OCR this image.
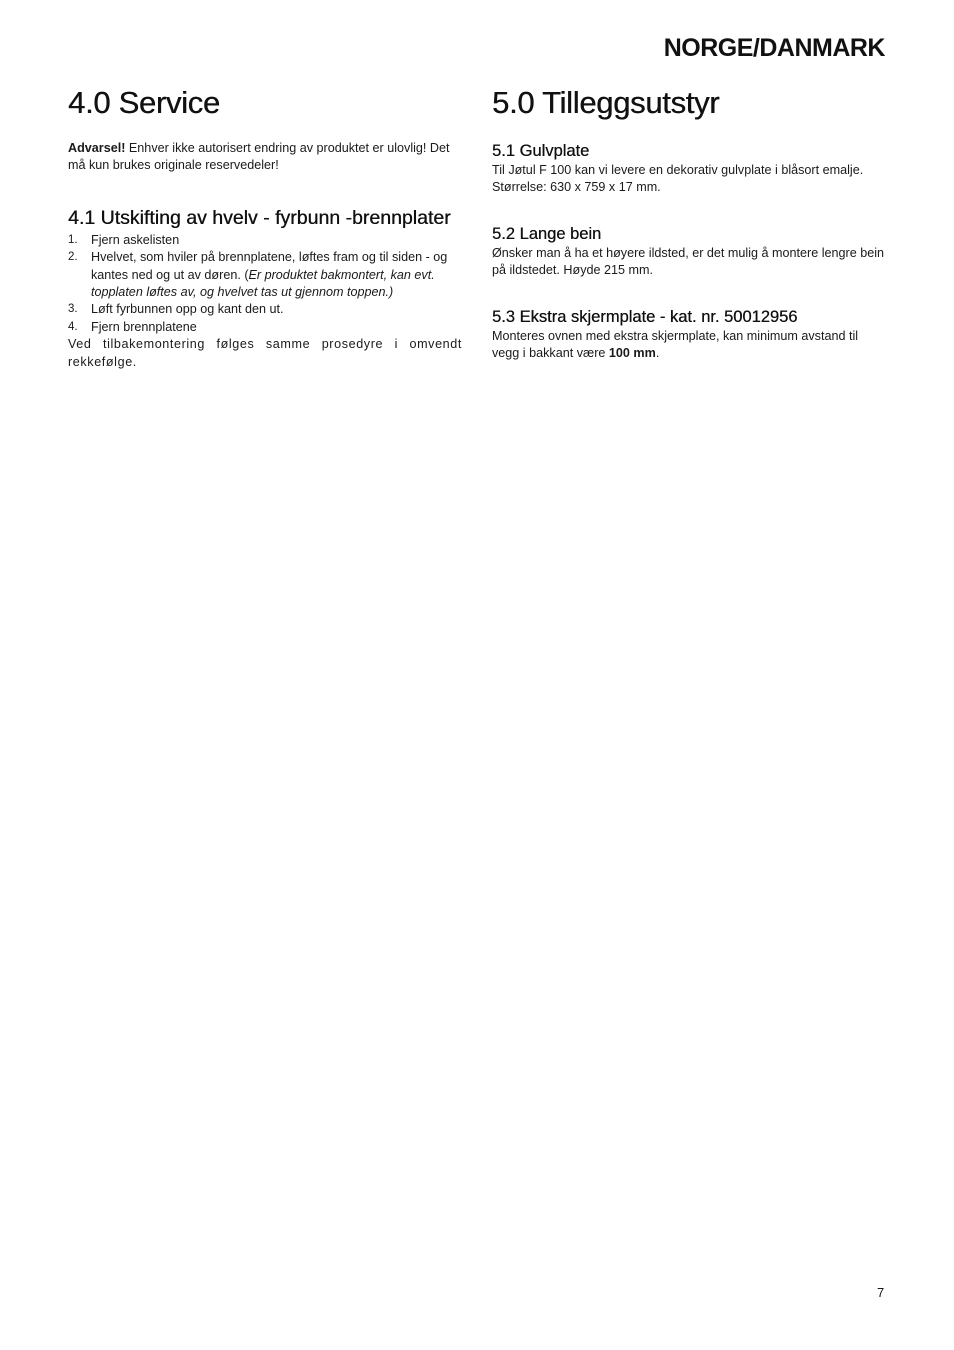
NORGE/DANMARK
4.0 Service

Advarsel! Enhver ikke autorisert endring av produktet er ulovlig! Det må kun brukes originale reservedeler!

4.1 Utskifting av hvelv - fyrbunn -brennplater
1.	Fjern askelisten
2.	Hvelvet, som hviler på brennplatene, løftes fram og til siden - og kantes ned og ut av døren. (Er produktet bakmontert, kan evt. topplaten løftes av, og hvelvet tas ut gjennom toppen.)
3.	Løft fyrbunnen opp og kant den ut.
4.	Fjern brennplatene

Ved tilbakemontering følges samme prosedyre i omvendt rekkefølge.

5.0 Tilleggsutstyr
5.1 Gulvplate

Til Jøtul F 100 kan vi levere en dekorativ gulvplate i blåsort emalje. Størrelse: 630 x 759 x 17 mm.

5.2 Lange bein

Ønsker man å ha et høyere ildsted, er det mulig å montere lengre bein på ildstedet. Høyde 215 mm.

5.3 Ekstra skjermplate - kat. nr. 50012956

Monteres ovnen med ekstra skjermplate, kan minimum avstand til vegg i bakkant være 100 mm.

7
